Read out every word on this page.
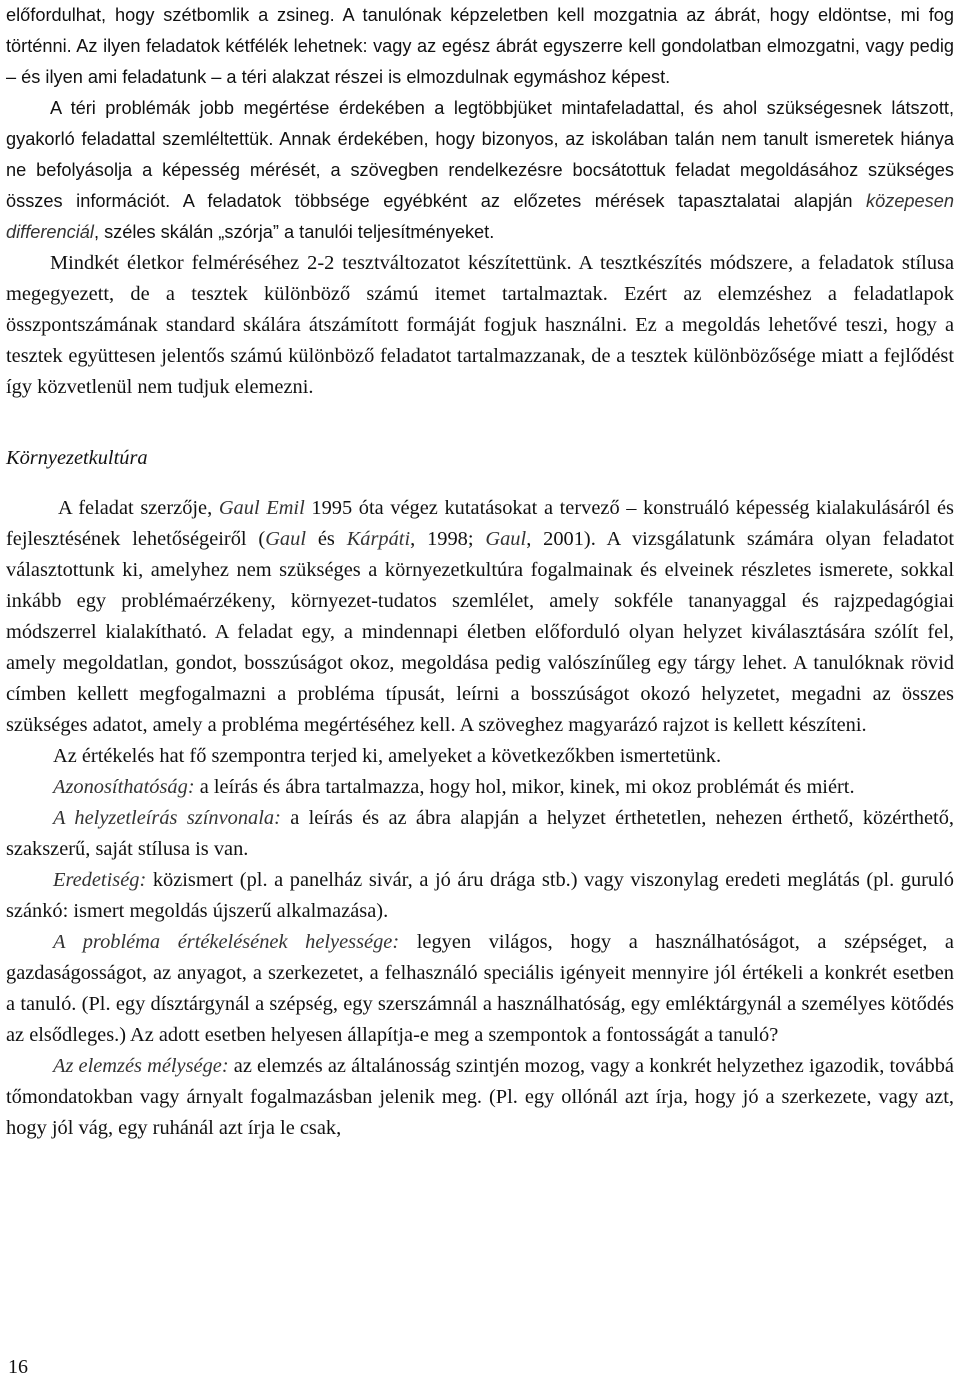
előfordulhat, hogy szétbomlik a zsineg. A tanulónak képzeletben kell mozgatnia az ábrát, hogy eldöntse, mi fog történni. Az ilyen feladatok kétfélék lehetnek: vagy az egész ábrát egyszerre kell gondolatban elmozgatni, vagy pedig – és ilyen ami feladatunk – a téri alakzat részei is elmozdulnak egymáshoz képest.

A téri problémák jobb megértése érdekében a legtöbbjüket mintafeladattal, és ahol szükségesnek látszott, gyakorló feladattal szemléltettük. Annak érdekében, hogy bizonyos, az iskolában talán nem tanult ismeretek hiánya ne befolyásolja a képesség mérését, a szövegben rendelkezésre bocsátottuk feladat megoldásához szükséges összes információt. A feladatok többsége egyébként az előzetes mérések tapasztalatai alapján közepesen differenciál, széles skálán „szórja” a tanulói teljesítményeket.

Mindkét életkor felméréséhez 2-2 tesztváltozatot készítettünk. A tesztkészítés módszere, a feladatok stílusa megegyezett, de a tesztek különböző számú itemet tartalmaztak. Ezért az elemzéshez a feladatlapok összpontszámának standard skálára átszámított formáját fogjuk használni. Ez a megoldás lehetővé teszi, hogy a tesztek együttesen jelentős számú különböző feladatot tartalmazzanak, de a tesztek különbözősége miatt a fejlődést így közvetlenül nem tudjuk elemezni.

Környezetkultúra

A feladat szerzője, Gaul Emil 1995 óta végez kutatásokat a tervező – konstruáló képesség kialakulásáról és fejlesztésének lehetőségeiről (Gaul és Kárpáti, 1998; Gaul, 2001). A vizsgálatunk számára olyan feladatot választottunk ki, amelyhez nem szükséges a környezetkultúra fogalmainak és elveinek részletes ismerete, sokkal inkább egy problémaérzékeny, környezet-tudatos szemlélet, amely sokféle tananyaggal és rajzpedagógiai módszerrel kialakítható. A feladat egy, a mindennapi életben előforduló olyan helyzet kiválasztására szólít fel, amely megoldatlan, gondot, bosszúságot okoz, megoldása pedig valószínűleg egy tárgy lehet. A tanulóknak rövid címben kellett megfogalmazni a probléma típusát, leírni a bosszúságot okozó helyzetet, megadni az összes szükséges adatot, amely a probléma megértéséhez kell. A szöveghez magyarázó rajzot is kellett készíteni.

Az értékelés hat fő szempontra terjed ki, amelyeket a következőkben ismertetünk.

Azonosíthatóság: a leírás és ábra tartalmazza, hogy hol, mikor, kinek, mi okoz problémát és miért.

A helyzetleírás színvonala: a leírás és az ábra alapján a helyzet érthetetlen, nehezen érthető, közérthető, szakszerű, saját stílusa is van.

Eredetiség: közismert (pl. a panelház sivár, a jó áru drága stb.) vagy viszonylag eredeti meglátás (pl. guruló szánkó: ismert megoldás újszerű alkalmazása).

A probléma értékelésének helyessége: legyen világos, hogy a használhatóságot, a szépséget, a gazdaságosságot, az anyagot, a szerkezetet, a felhasználó speciális igényeit mennyire jól értékeli a konkrét esetben a tanuló. (Pl. egy dísztárgynál a szépség, egy szerszámnál a használhatóság, egy emléktárgynál a személyes kötődés az elsődleges.) Az adott esetben helyesen állapítja-e meg a szempontok a fontosságát a tanuló?

Az elemzés mélysége: az elemzés az általánosság szintjén mozog, vagy a konkrét helyzethez igazodik, továbbá tőmondatokban vagy árnyalt fogalmazásban jelenik meg. (Pl. egy ollónál azt írja, hogy jó a szerkezete, vagy azt, hogy jól vág, egy ruhánál azt írja le csak,

16
